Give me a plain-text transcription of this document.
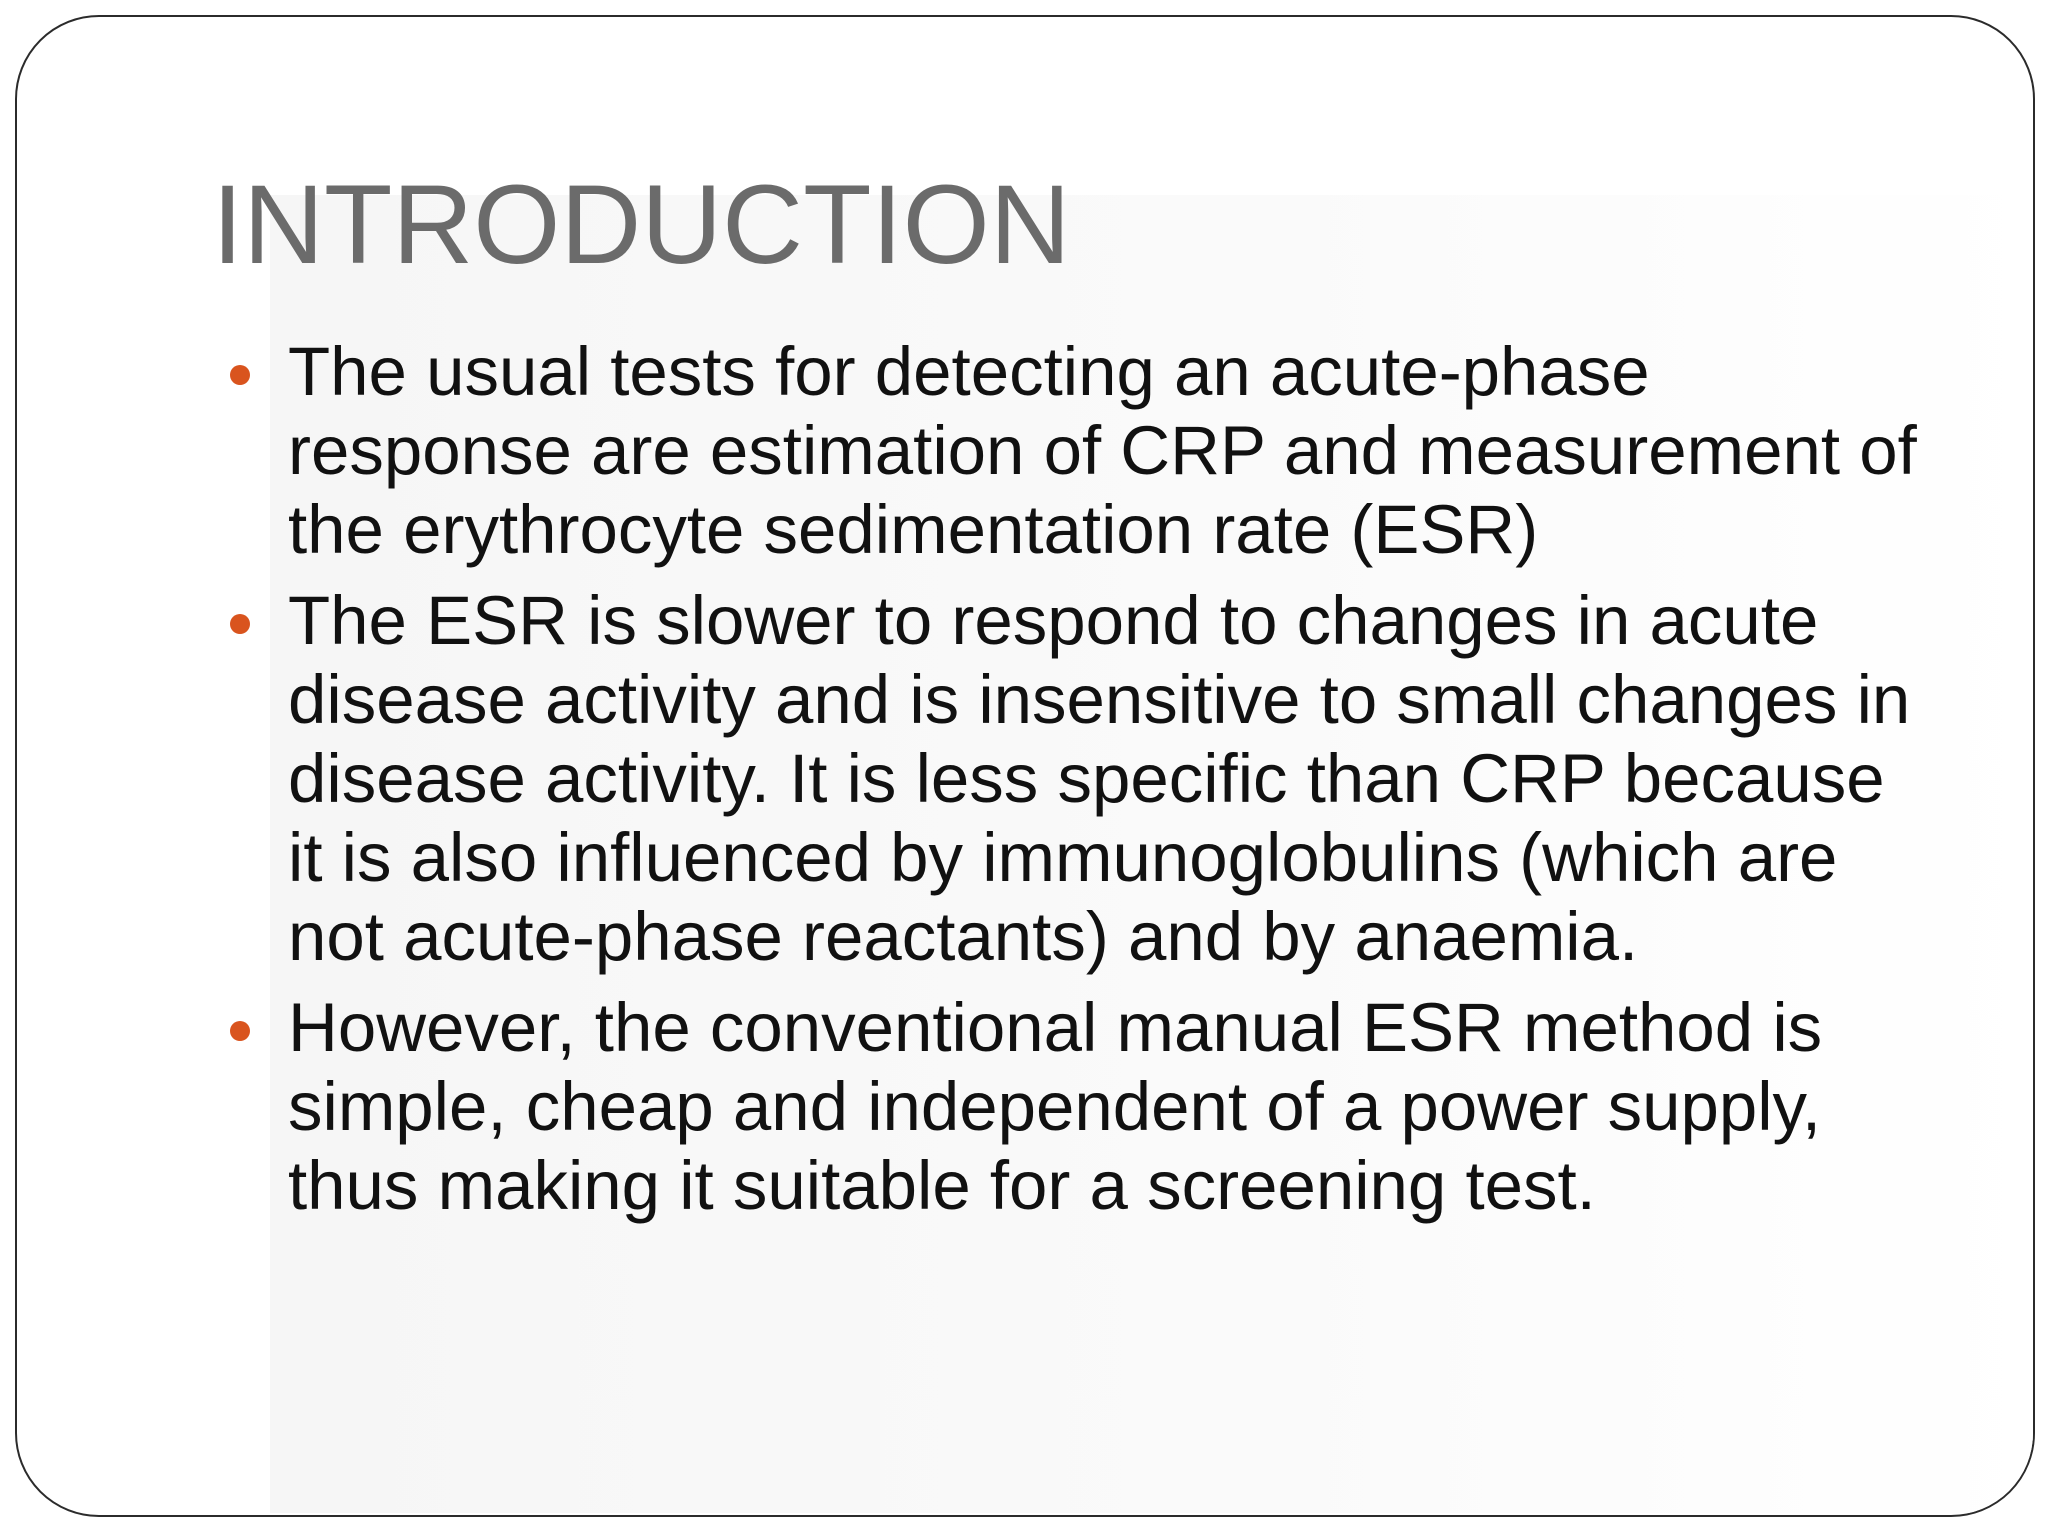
INTRODUCTION
The usual tests for detecting an acute-phase response are estimation of CRP and measurement of the erythrocyte sedimentation rate (ESR)
The ESR is slower to respond to changes in acute disease activity and is insensitive to small changes in disease activity. It is less specific than CRP because it is also influenced by immunoglobulins (which are not acute-phase reactants) and by anaemia.
However, the conventional manual ESR method is simple, cheap and independent of a power supply, thus making it suitable for a screening test.
